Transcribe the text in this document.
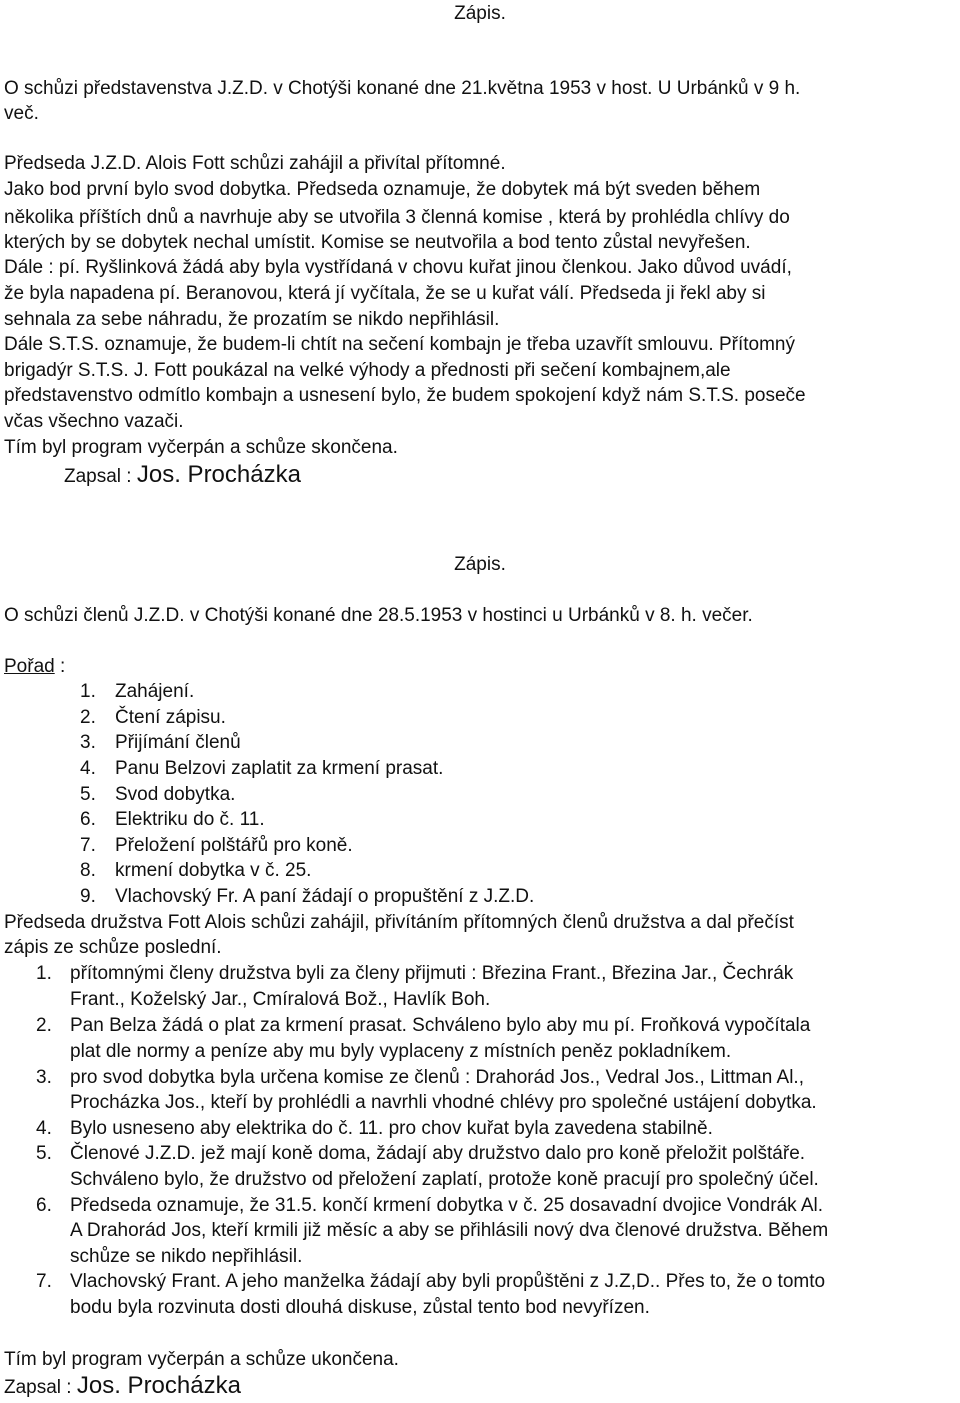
Zápis.
O schůzi představenstva J.Z.D. v Chotýši konané dne 21.května 1953 v host. U Urbánků v 9 h.
več.
Předseda J.Z.D. Alois Fott schůzi zahájil a přivítal přítomné.
Jako bod první bylo svod dobytka. Předseda oznamuje, že dobytek má být sveden během
několika příštích dnů a navrhuje aby se utvořila 3 členná komise , která by prohlédla chlívy do
kterých by se dobytek nechal umístit. Komise se neutvořila a bod tento zůstal nevyřešen.
Dále : pí. Ryšlinková žádá aby byla vystřídaná v chovu kuřat jinou členkou. Jako důvod uvádí,
že byla napadena pí. Beranovou, která jí vyčítala, že se u kuřat válí. Předseda ji řekl aby si
sehnala za sebe náhradu, že prozatím se nikdo nepřihlásil.
Dále S.T.S. oznamuje, že budem-li chtít na sečení kombajn je třeba uzavřít smlouvu. Přítomný
brigadýr S.T.S. J. Fott poukázal na velké výhody a přednosti při sečení kombajnem,ale
představenstvo odmítlo kombajn a usnesení bylo, že budem spokojení když nám S.T.S. poseče
včas všechno vazači.
Tím byl program vyčerpán a schůze skončena.
Zapsal : Jos. Procházka
Zápis.
O schůzi členů J.Z.D. v Chotýši konané dne 28.5.1953 v hostinci u Urbánků v 8. h. večer.
Pořad :
1. Zahájení.
2. Čtení zápisu.
3. Přijímání členů
4. Panu Belzovi zaplatit za krmení prasat.
5. Svod dobytka.
6. Elektriku do č. 11.
7. Přeložení polštářů pro koně.
8. krmení dobytka v č. 25.
9. Vlachovský Fr. A paní žádají o propuštění z J.Z.D.
Předseda družstva Fott Alois schůzi zahájil, přivítáním přítomných členů družstva a dal přečíst
zápis ze schůze poslední.
1. přítomnými členy družstva byli za členy přijmuti : Březina Frant., Březina Jar., Čechrák
Frant., Koželský Jar., Cmíralová Bož., Havlík Boh.
2. Pan Belza žádá o plat za krmení prasat. Schváleno bylo aby mu pí. Froňková vypočítala
plat dle normy a peníze aby mu byly vyplaceny z místních peněz pokladníkem.
3. pro svod dobytka byla určena komise ze členů : Drahorád Jos., Vedral Jos., Littman Al.,
Procházka Jos., kteří by prohlédli a navrhli vhodné chlévy pro společné ustájení dobytka.
4. Bylo usneseno aby elektrika do č. 11. pro chov kuřat byla zavedena stabilně.
5. Členové J.Z.D. jež mají koně doma, žádají aby družstvo dalo pro koně přeložit polštáře.
Schváleno bylo, že družstvo od přeložení zaplatí, protože koně pracují pro společný účel.
6. Předseda oznamuje, že 31.5. končí krmení dobytka v č. 25 dosavadní dvojice Vondrák Al.
A Drahorád Jos, kteří krmili již měsíc a aby se přihlásili nový dva členové družstva. Během
schůze se nikdo nepřihlásil.
7. Vlachovský Frant. A jeho manželka žádají aby byli propůštěni z J.Z,D.. Přes to, že o tomto
bodu byla rozvinuta dosti dlouhá diskuse, zůstal tento bod nevyřízen.
Tím byl program vyčerpán a schůze ukončena.
Zapsal : Jos. Procházka
